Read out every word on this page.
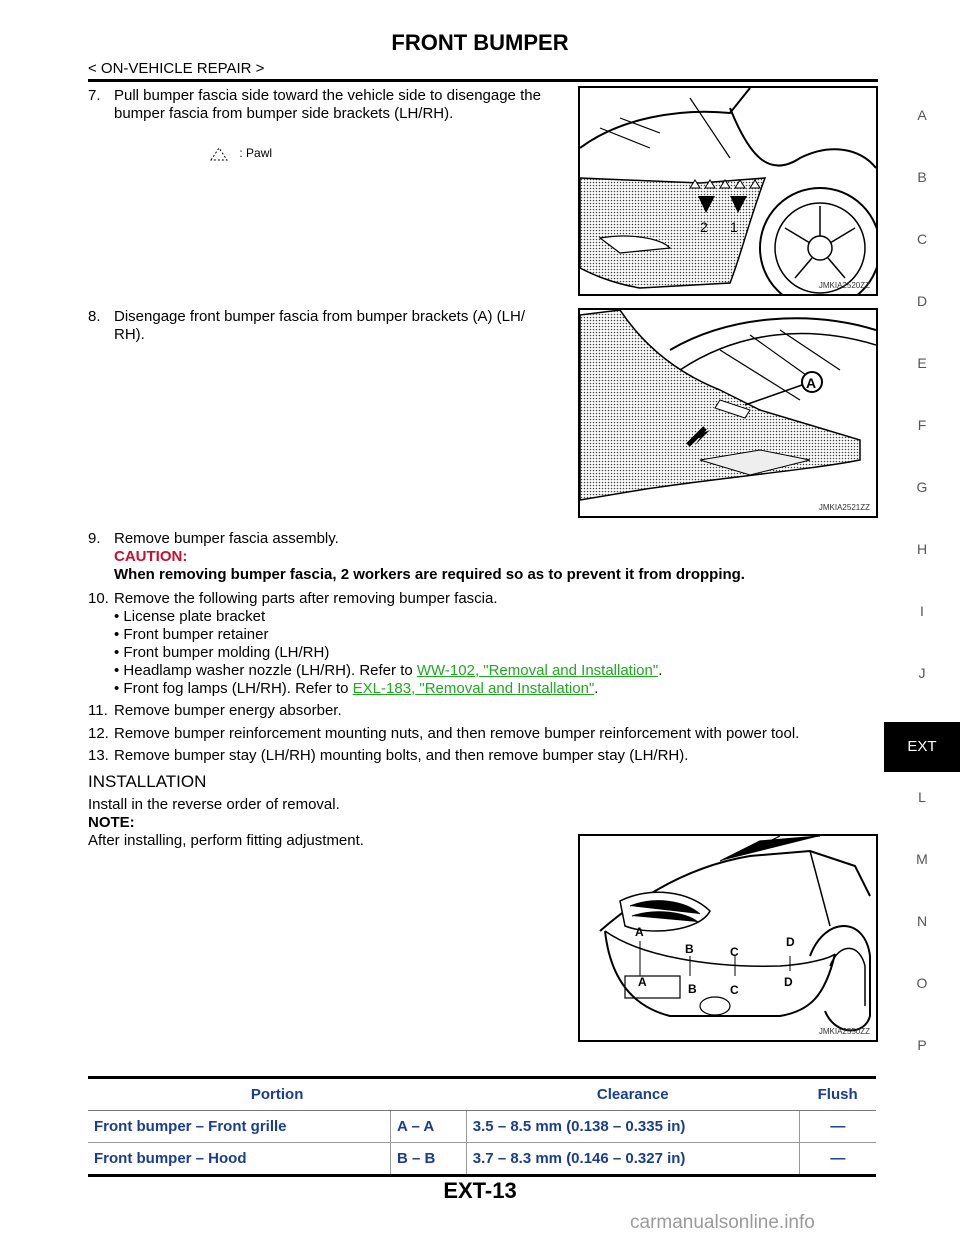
FRONT BUMPER
< ON-VEHICLE REPAIR >
A
B
C
D
E
F
G
H
I
J
EXT
L
M
N
O
P
7. Pull bumper fascia side toward the vehicle side to disengage the
bumper fascia from bumper side brackets (LH/RH).
2 1
JMKIA2520ZZ
: Pawl
8. Disengage front bumper fascia from bumper brackets (A) (LH/
RH).
A
JMKIA2521ZZ
9. Remove bumper fascia assembly.
CAUTION:
When removing bumper fascia, 2 workers are required so as to prevent it from dropping.
10. Remove the following parts after removing bumper fascia.
• License plate bracket
• Front bumper retainer
• Front bumper molding (LH/RH)
• Headlamp washer nozzle (LH/RH). Refer to WW-102, "Removal and Installation".
• Front fog lamps (LH/RH). Refer to EXL-183, "Removal and Installation".
11. Remove bumper energy absorber.
12. Remove bumper reinforcement mounting nuts, and then remove bumper reinforcement with power tool.
13. Remove bumper stay (LH/RH) mounting bolts, and then remove bumper stay (LH/RH).
INSTALLATION
Install in the reverse order of removal.
NOTE:
After installing, perform fitting adjustment.
A
A
B
B
C
C
D
D
JMKIA2550ZZ
Portion		Clearance	Flush
Front bumper – Front grille	A – A	3.5 – 8.5 mm (0.138 – 0.335 in)	—
Front bumper – Hood	B – B	3.7 – 8.3 mm (0.146 – 0.327 in)	—
EXT-13
carmanualsonline.info
